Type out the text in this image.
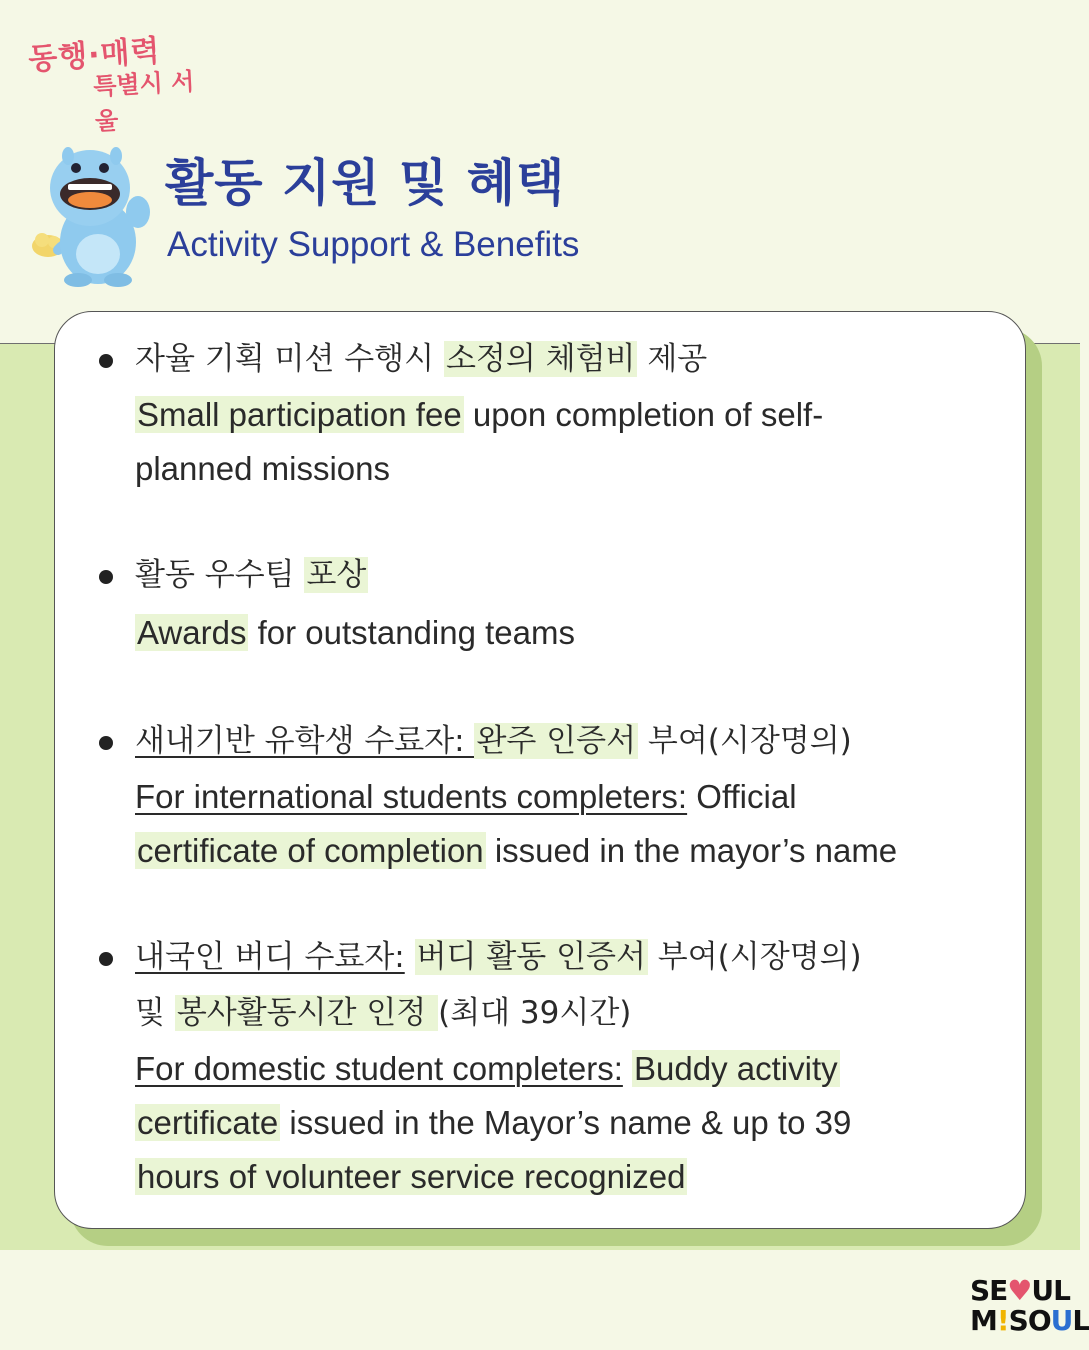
동행·매력
특별시 서울
활동 지원 및 혜택
Activity Support & Benefits
자율 기획 미션 수행시 소정의 체험비 제공
Small participation fee upon completion of self-
planned missions
활동 우수팀 포상
Awards for outstanding teams
새내기반 유학생 수료자: 완주 인증서 부여(시장명의)
For international students completers: Official
certificate of completion issued in the mayor’s name
내국인 버디 수료자: 버디 활동 인증서 부여(시장명의)
및 봉사활동시간 인정 (최대 39시간)
For domestic student completers: Buddy activity
certificate issued in the Mayor’s name & up to 39
hours of volunteer service recognized
SE♥UL
M!SOUL
